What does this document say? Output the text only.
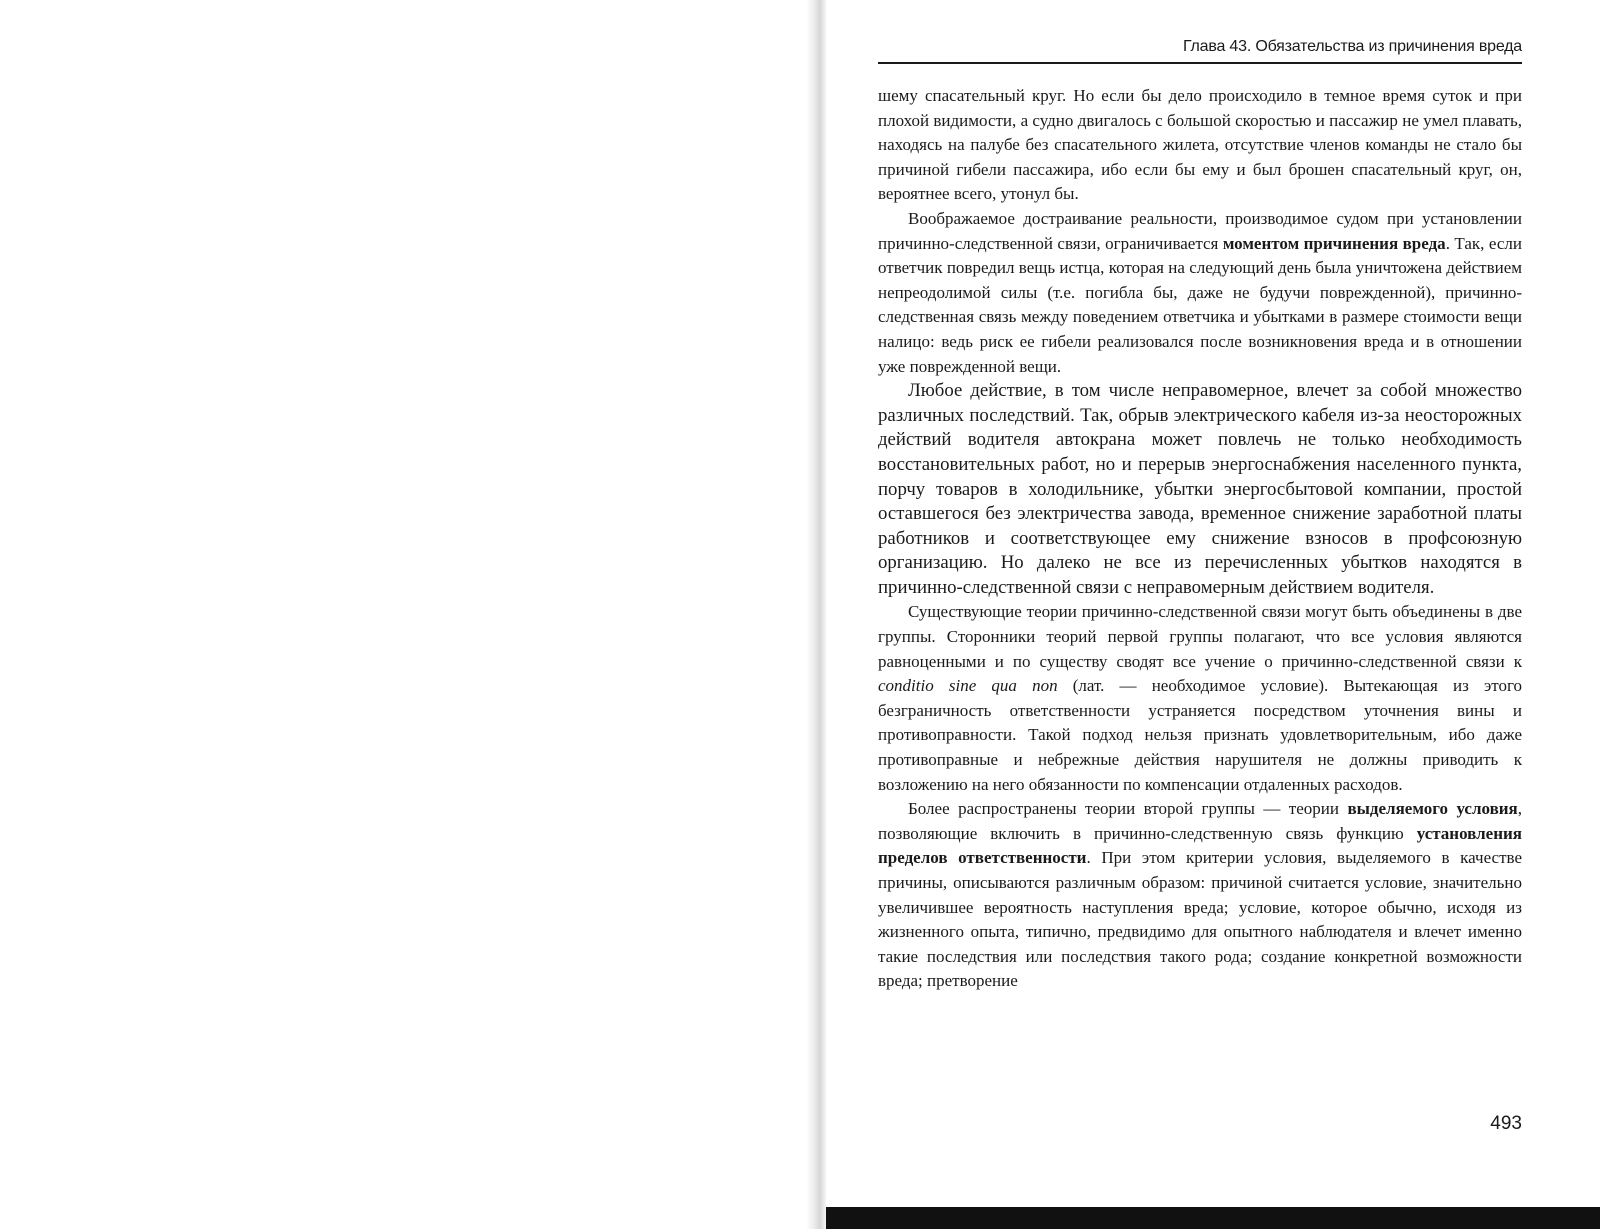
Глава 43. Обязательства из причинения вреда

шему спасательный круг. Но если бы дело происходило в темное время суток и при плохой видимости, а судно двигалось с большой скоростью и пассажир не умел плавать, находясь на палубе без спасательного жилета, отсутствие членов команды не стало бы причиной гибели пассажира, ибо если бы ему и был брошен спасательный круг, он, вероятнее всего, утонул бы.

Воображаемое достраивание реальности, производимое судом при установлении причинно-следственной связи, ограничивается моментом причинения вреда. Так, если ответчик повредил вещь истца, которая на следующий день была уничтожена действием непреодолимой силы (т.е. погибла бы, даже не будучи поврежденной), причинно-следственная связь между поведением ответчика и убытками в размере стоимости вещи налицо: ведь риск ее гибели реализовался после возникновения вреда и в отношении уже поврежденной вещи.

Любое действие, в том числе неправомерное, влечет за собой множество различных последствий. Так, обрыв электрического кабеля из-за неосторожных действий водителя автокрана может повлечь не только необходимость восстановительных работ, но и перерыв энергоснабжения населенного пункта, порчу товаров в холодильнике, убытки энергосбытовой компании, простой оставшегося без электричества завода, временное снижение заработной платы работников и соответствующее ему снижение взносов в профсоюзную организацию. Но далеко не все из перечисленных убытков находятся в причинно-следственной связи с неправомерным действием водителя.

Существующие теории причинно-следственной связи могут быть объединены в две группы. Сторонники теорий первой группы полагают, что все условия являются равноценными и по существу сводят все учение о причинно-следственной связи к conditio sine qua non (лат. — необходимое условие). Вытекающая из этого безграничность ответственности устраняется посредством уточнения вины и противоправности. Такой подход нельзя признать удовлетворительным, ибо даже противоправные и небрежные действия нарушителя не должны приводить к возложению на него обязанности по компенсации отдаленных расходов.

Более распространены теории второй группы — теории выделяемого условия, позволяющие включить в причинно-следственную связь функцию установления пределов ответственности. При этом критерии условия, выделяемого в качестве причины, описываются различным образом: причиной считается условие, значительно увеличившее вероятность наступления вреда; условие, которое обычно, исходя из жизненного опыта, типично, предвидимо для опытного наблюдателя и влечет именно такие последствия или последствия такого рода; создание конкретной возможности вреда; претворение

493
